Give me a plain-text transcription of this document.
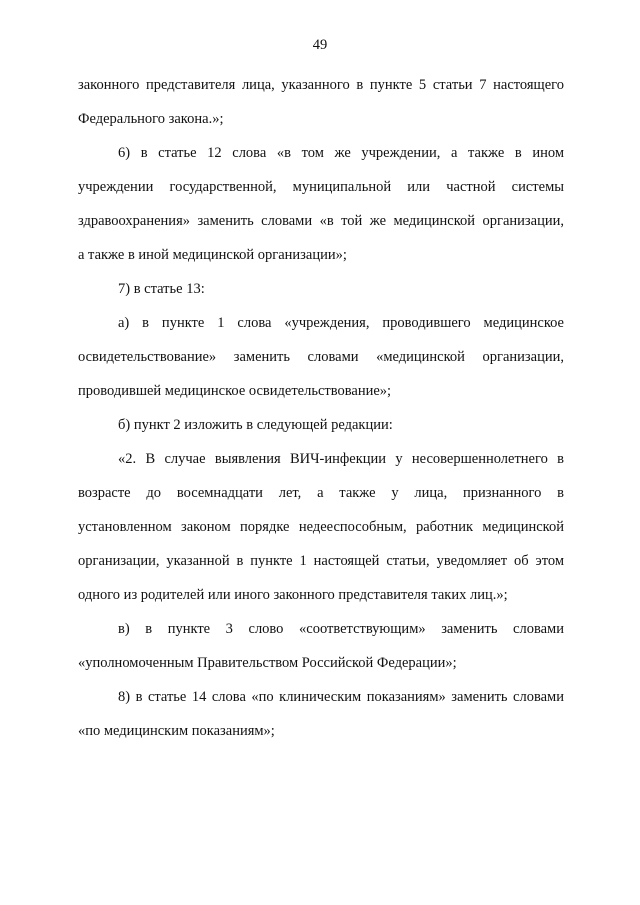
49
законного представителя лица, указанного в пункте 5 статьи 7 настоящего
Федерального закона.»;
6) в статье 12 слова «в том же учреждении, а также в ином
учреждении государственной, муниципальной или частной системы
здравоохранения» заменить словами «в той же медицинской организации,
а также в иной медицинской организации»;
7) в статье 13:
а) в пункте 1 слова «учреждения, проводившего медицинское
освидетельствование» заменить словами «медицинской организации,
проводившей медицинское освидетельствование»;
б) пункт 2 изложить в следующей редакции:
«2. В случае выявления ВИЧ-инфекции у несовершеннолетнего в
возрасте до восемнадцати лет, а также у лица, признанного в
установленном законом порядке недееспособным, работник медицинской
организации, указанной в пункте 1 настоящей статьи, уведомляет об этом
одного из родителей или иного законного представителя таких лиц.»;
в) в пункте 3 слово «соответствующим» заменить словами
«уполномоченным Правительством Российской Федерации»;
8) в статье 14 слова «по клиническим показаниям» заменить словами
«по медицинским показаниям»;
